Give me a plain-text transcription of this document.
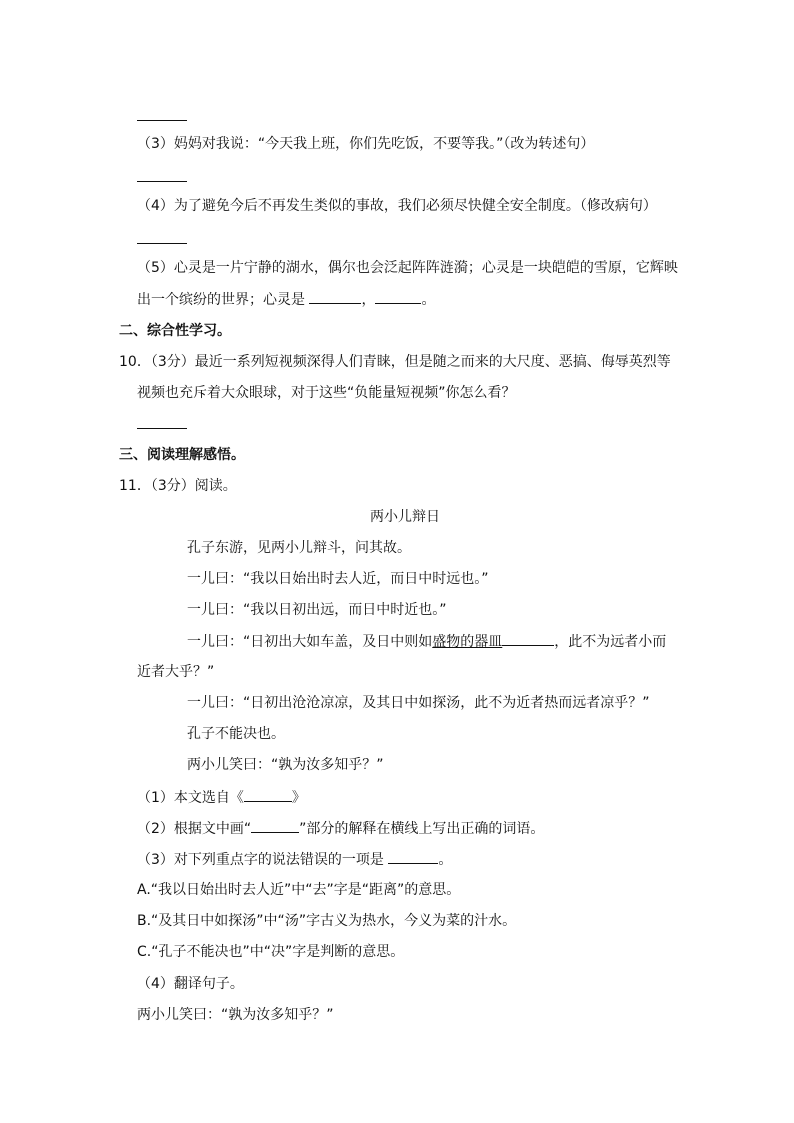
（3）妈妈对我说：“今天我上班，你们先吃饭，不要等我。”（改为转述句）
（4）为了避免今后不再发生类似的事故，我们必须尽快健全安全制度。（修改病句）
（5）心灵是一片宁静的湖水，偶尔也会泛起阵阵涟漪；心灵是一块皑皑的雪原，它辉映
出一个缤纷的世界；心灵是	，	。
二、综合性学习。
10．（3分）最近一系列短视频深得人们青睐，但是随之而来的大尺度、恶搞、侮辱英烈等
视频也充斥着大众眼球，对于这些“负能量短视频”你怎么看？
三、阅读理解感悟。
11．（3分）阅读。
两小儿辩日
孔子东游，见两小儿辩斗，问其故。
一儿曰：“我以日始出时去人近，而日中时远也。”
一儿曰：“我以日初出远，而日中时近也。”
一儿曰：“日初出大如车盖，及日中则如盛物的器皿	，此不为远者小而
近者大乎？”
一儿曰：“日初出沧沧凉凉，及其日中如探汤，此不为近者热而远者凉乎？”
孔子不能决也。
两小儿笑曰：“孰为汝多知乎？”
（1）本文选自《	》
（2）根据文中画“	”部分的解释在横线上写出正确的词语。
（3）对下列重点字的说法错误的一项是	。
A.“我以日始出时去人近”中“去”字是“距离”的意思。
B.“及其日中如探汤”中“汤”字古义为热水，今义为菜的汁水。
C.“孔子不能决也”中“决”字是判断的意思。
（4）翻译句子。
两小儿笑曰：“孰为汝多知乎？”
